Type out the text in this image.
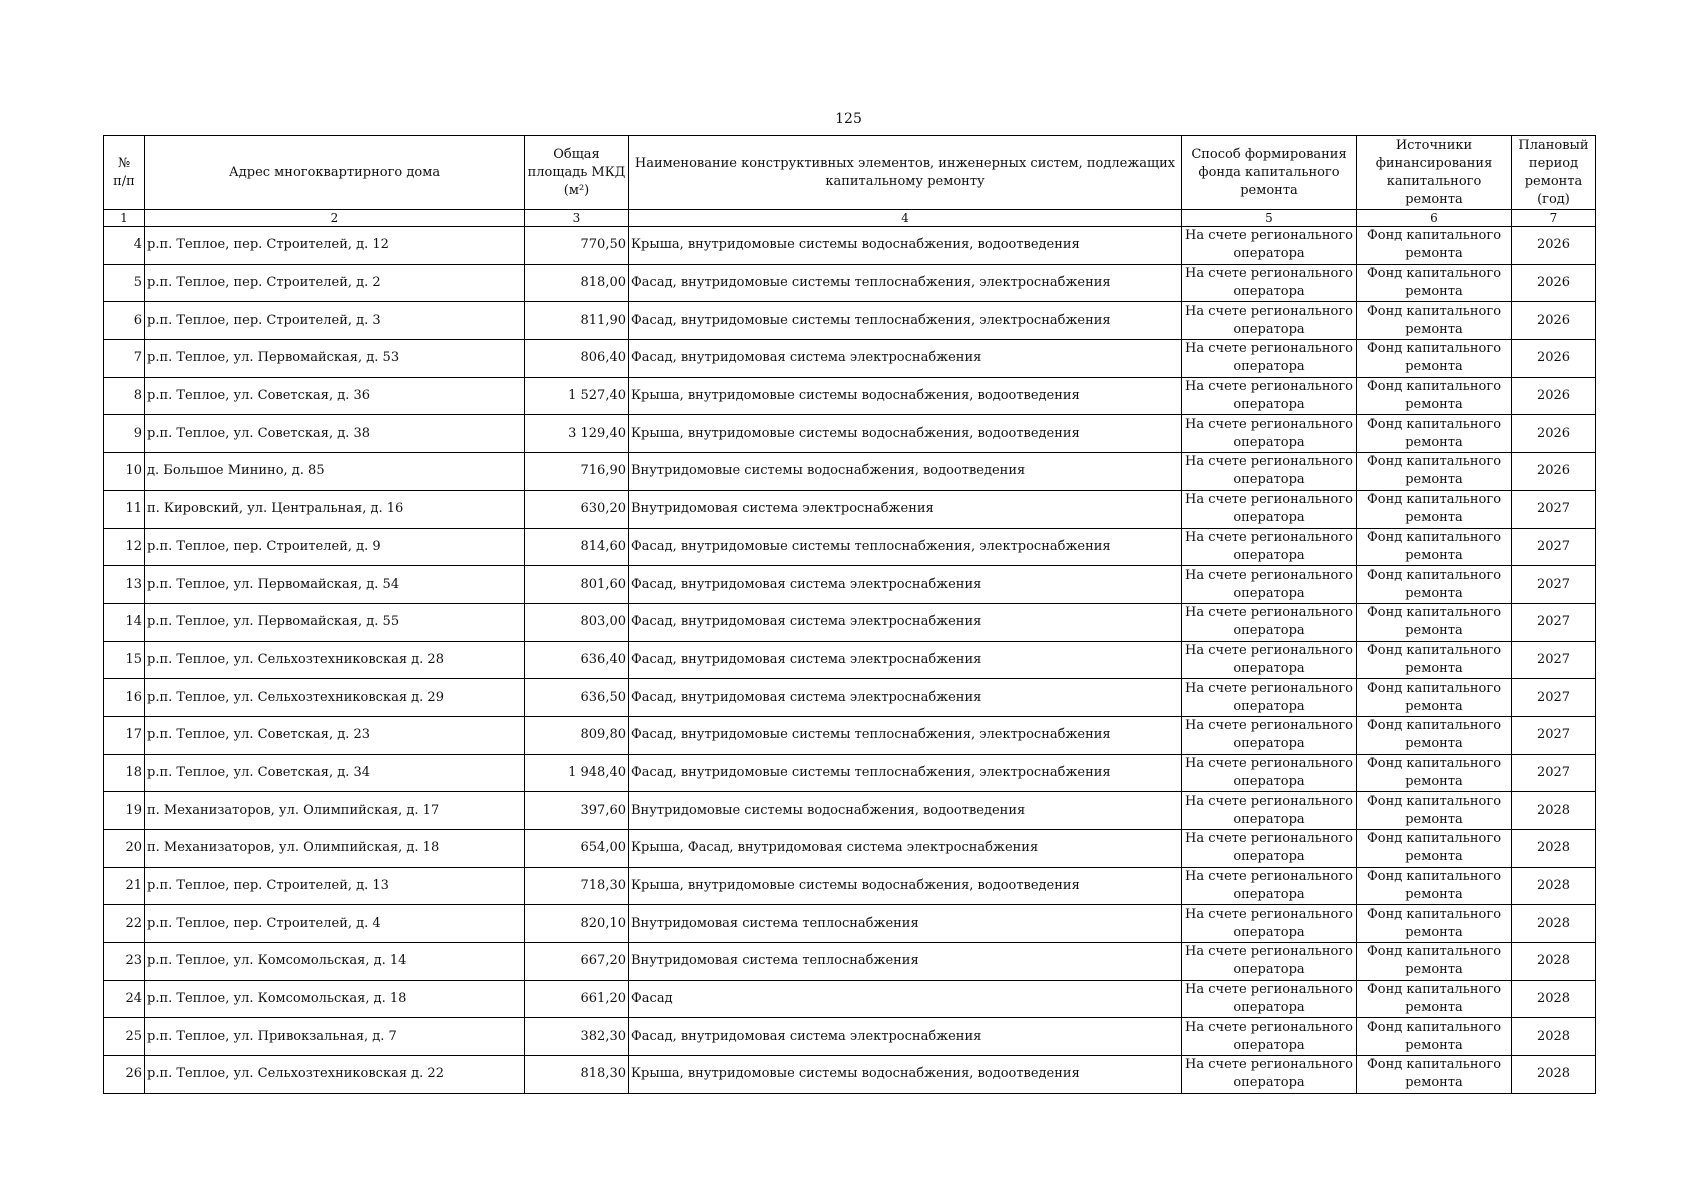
125
№
п/п	Адрес многоквартирного дома	Общая площадь МКД (м²)	Наименование конструктивных элементов, инженерных систем, подлежащих капитальному ремонту	Способ формирования фонда капитального ремонта	Источники финансирования капитального ремонта	Плановый период ремонта (год)
1	2	3	4	5	6	7
4	р.п. Теплое, пер. Строителей, д. 12	770,50	Крыша, внутридомовые системы водоснабжения, водоотведения	На счете регионального оператора	Фонд капитального ремонта	2026
5	р.п. Теплое, пер. Строителей, д. 2	818,00	Фасад, внутридомовые системы теплоснабжения, электроснабжения	На счете регионального оператора	Фонд капитального ремонта	2026
6	р.п. Теплое, пер. Строителей, д. 3	811,90	Фасад, внутридомовые системы теплоснабжения, электроснабжения	На счете регионального оператора	Фонд капитального ремонта	2026
7	р.п. Теплое, ул. Первомайская, д. 53	806,40	Фасад, внутридомовая система электроснабжения	На счете регионального оператора	Фонд капитального ремонта	2026
8	р.п. Теплое, ул. Советская, д. 36	1 527,40	Крыша, внутридомовые системы водоснабжения, водоотведения	На счете регионального оператора	Фонд капитального ремонта	2026
9	р.п. Теплое, ул. Советская, д. 38	3 129,40	Крыша, внутридомовые системы водоснабжения, водоотведения	На счете регионального оператора	Фонд капитального ремонта	2026
10	д. Большое Минино, д. 85	716,90	Внутридомовые системы водоснабжения, водоотведения	На счете регионального оператора	Фонд капитального ремонта	2026
11	п. Кировский, ул. Центральная, д. 16	630,20	Внутридомовая система электроснабжения	На счете регионального оператора	Фонд капитального ремонта	2027
12	р.п. Теплое, пер. Строителей, д. 9	814,60	Фасад, внутридомовые системы теплоснабжения, электроснабжения	На счете регионального оператора	Фонд капитального ремонта	2027
13	р.п. Теплое, ул. Первомайская, д. 54	801,60	Фасад, внутридомовая система электроснабжения	На счете регионального оператора	Фонд капитального ремонта	2027
14	р.п. Теплое, ул. Первомайская, д. 55	803,00	Фасад, внутридомовая система электроснабжения	На счете регионального оператора	Фонд капитального ремонта	2027
15	р.п. Теплое, ул. Сельхозтехниковская д. 28	636,40	Фасад, внутридомовая система электроснабжения	На счете регионального оператора	Фонд капитального ремонта	2027
16	р.п. Теплое, ул. Сельхозтехниковская д. 29	636,50	Фасад, внутридомовая система электроснабжения	На счете регионального оператора	Фонд капитального ремонта	2027
17	р.п. Теплое, ул. Советская, д. 23	809,80	Фасад, внутридомовые системы теплоснабжения, электроснабжения	На счете регионального оператора	Фонд капитального ремонта	2027
18	р.п. Теплое, ул. Советская, д. 34	1 948,40	Фасад, внутридомовые системы теплоснабжения, электроснабжения	На счете регионального оператора	Фонд капитального ремонта	2027
19	п. Механизаторов, ул. Олимпийская, д. 17	397,60	Внутридомовые системы водоснабжения, водоотведения	На счете регионального оператора	Фонд капитального ремонта	2028
20	п. Механизаторов, ул. Олимпийская, д. 18	654,00	Крыша, Фасад, внутридомовая система электроснабжения	На счете регионального оператора	Фонд капитального ремонта	2028
21	р.п. Теплое, пер. Строителей, д. 13	718,30	Крыша, внутридомовые системы водоснабжения, водоотведения	На счете регионального оператора	Фонд капитального ремонта	2028
22	р.п. Теплое, пер. Строителей, д. 4	820,10	Внутридомовая система теплоснабжения	На счете регионального оператора	Фонд капитального ремонта	2028
23	р.п. Теплое, ул. Комсомольская, д. 14	667,20	Внутридомовая система теплоснабжения	На счете регионального оператора	Фонд капитального ремонта	2028
24	р.п. Теплое, ул. Комсомольская, д. 18	661,20	Фасад	На счете регионального оператора	Фонд капитального ремонта	2028
25	р.п. Теплое, ул. Привокзальная, д. 7	382,30	Фасад, внутридомовая система электроснабжения	На счете регионального оператора	Фонд капитального ремонта	2028
26	р.п. Теплое, ул. Сельхозтехниковская д. 22	818,30	Крыша, внутридомовые системы водоснабжения, водоотведения	На счете регионального оператора	Фонд капитального ремонта	2028
